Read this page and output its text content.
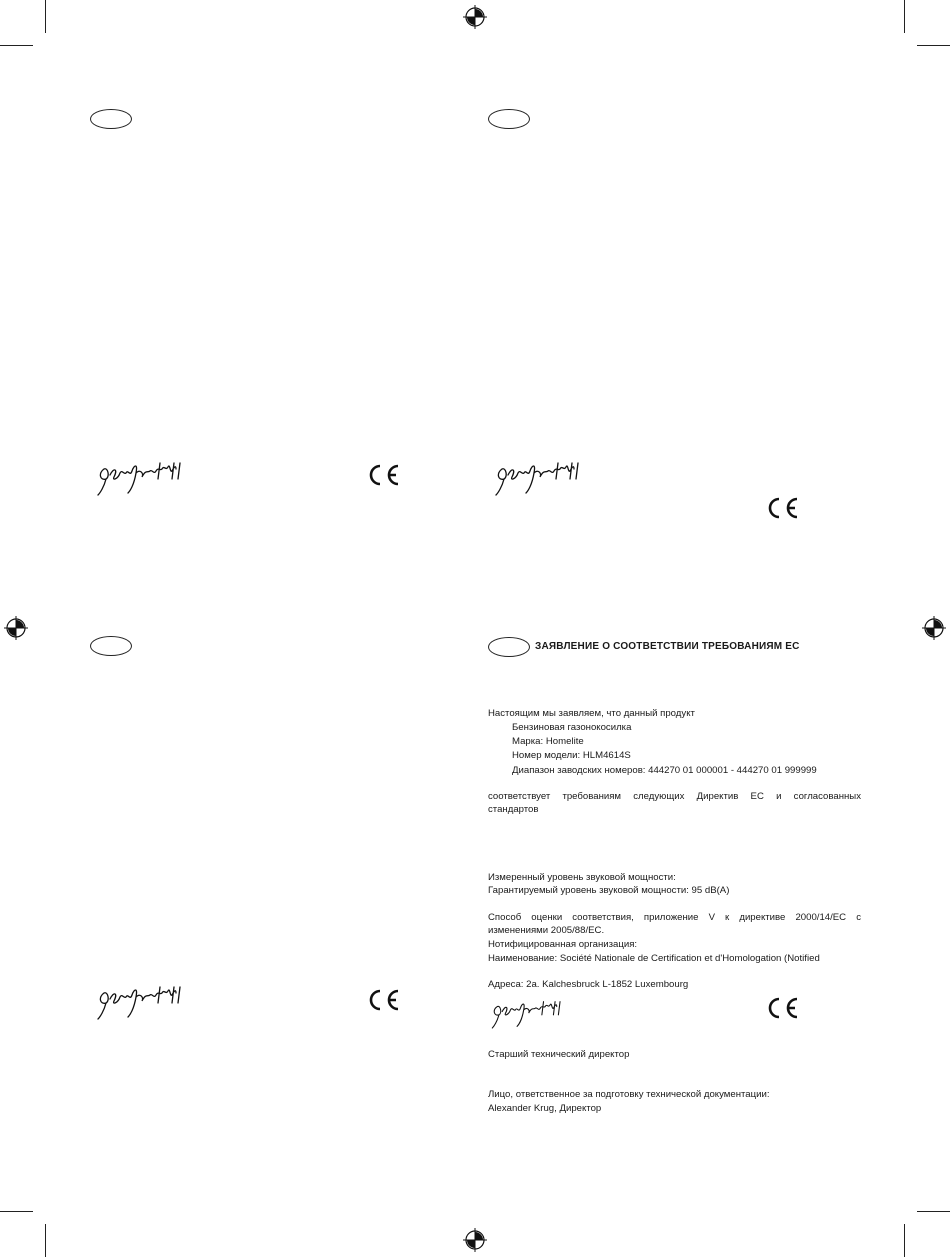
ЗАЯВЛЕНИЕ О СООТВЕТСТВИИ ТРЕБОВАНИЯМ ЕС
Настоящим мы заявляем, что данный продукт
Бензиновая газонокосилка
Марка: Homelite
Номер модели: HLM4614S
Диапазон заводских номеров: 444270 01 000001 - 444270 01 999999
соответствует требованиям следующих Директив ЕС и согласованных
стандартов
Измеренный уровень звуковой мощности:
Гарантируемый уровень звуковой мощности: 95 dB(A)
Способ оценки соответствия, приложение V к директиве 2000/14/EC с
изменениями 2005/88/EC.
Нотифицированная организация:
Наименование: Société Nationale de Certification et d'Homologation (Notified
Адреса: 2a. Kalchesbruck L-1852 Luxembourg
Старший технический директор
Лицо, ответственное за подготовку технической документации:
Alexander Krug, Директор
